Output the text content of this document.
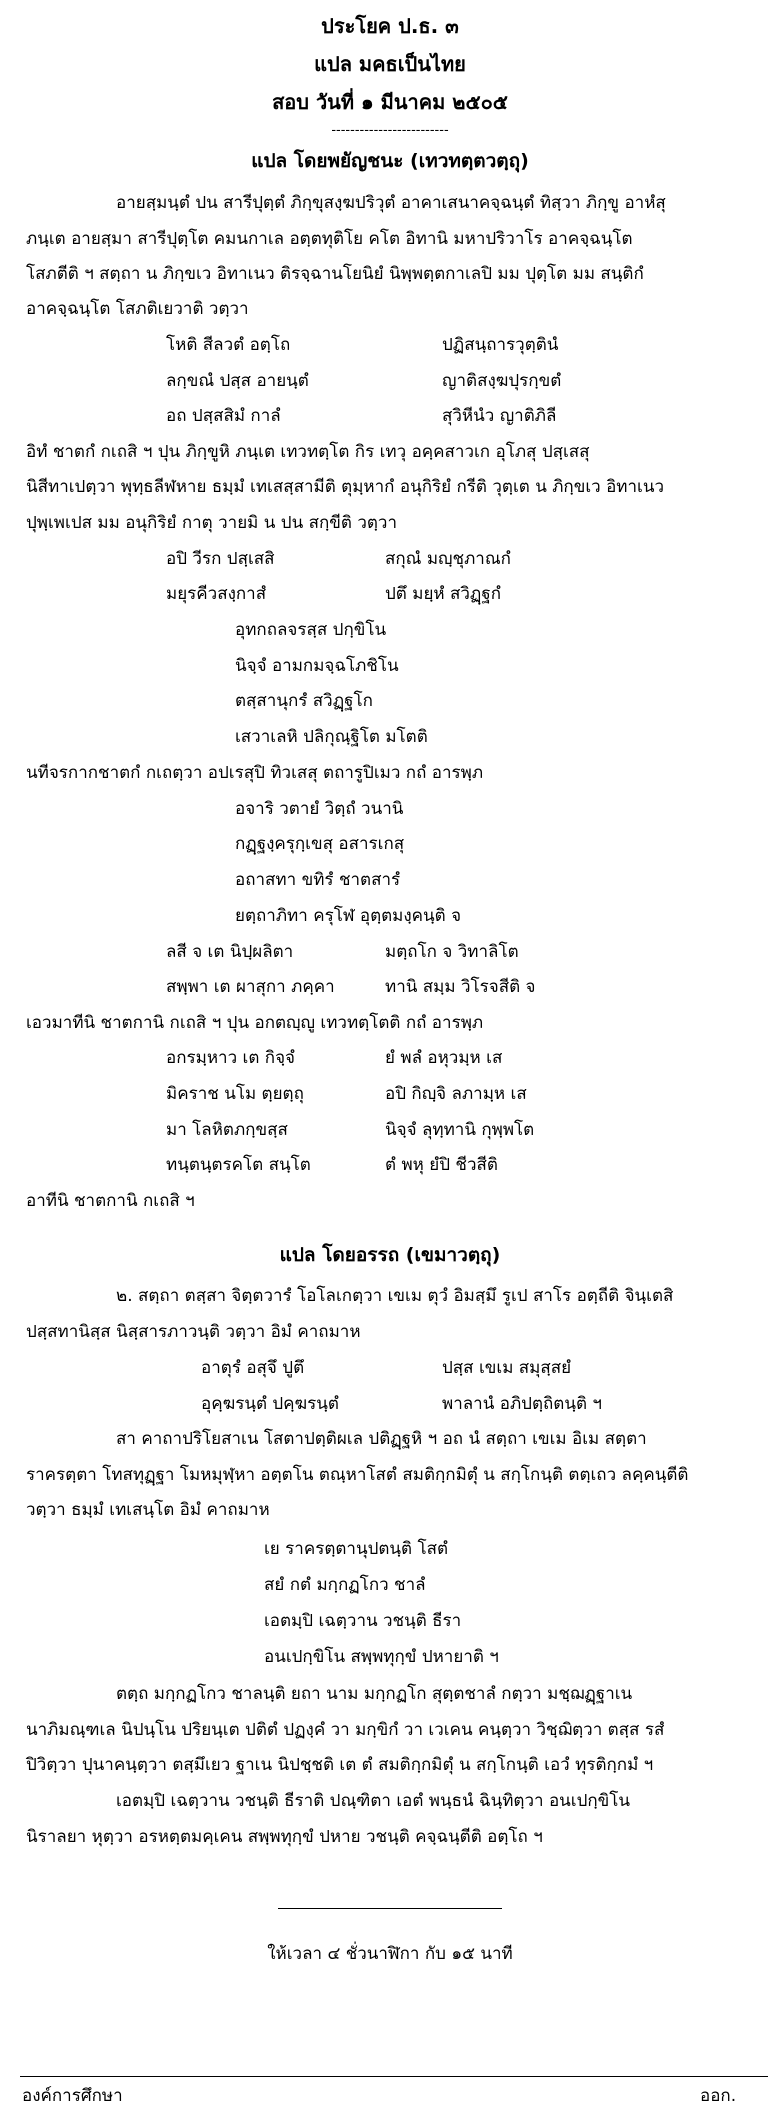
ประโยค ป.ธ. ๓
แปล มคธเป็นไทย
สอบ วันที่ ๑ มีนาคม ๒๕๐๕
-------------------------
แปล โดยพยัญชนะ (เทวทตฺตวตฺถุ)
อายสฺมนฺตํ ปน สารีปุตฺตํ ภิกฺขุสงฺฆปริวุตํ อาคาเสนาคจฺฉนฺตํ ทิสฺวา ภิกฺขู อาหํสุ
ภนฺเต อายสฺมา สารีปุตฺโต คมนกาเล อตฺตทุติโย คโต อิทานิ มหาปริวาโร อาคจฺฉนฺโต
โสภตีติ ฯ สตฺถา น ภิกฺขเว อิทาเนว ติรจฺฉานโยนิยํ นิพฺพตฺตกาเลปิ มม ปุตฺโต มม สนฺติกํ
อาคจฺฉนฺโต โสภติเยวาติ วตฺวา
โหติ สีลวตํ อตฺโถ	ปฏิสนฺถารวุตฺตินํ
ลกฺขณํ ปสฺส อายนฺตํ	ญาติสงฺฆปุรกฺขตํ
อถ ปสฺสสิมํ กาลํ	สุวิหีนํว ญาติภิลี
อิทํ ชาตกํ กเถสิ ฯ ปุน ภิกฺขูหิ ภนฺเต เทวทตฺโต กิร เทวุ อคฺคสาวเก อุโภสุ ปสฺเสสุ
นิสีทาเปตฺวา พุทฺธลีฬหาย ธมฺมํ เทเสสฺสามีติ ตุมฺหากํ อนุกิริยํ กรีติ วุตฺเต น ภิกฺขเว อิทาเนว
ปุพฺเพเปส มม อนุกิริยํ กาตุ วายมิ น ปน สกฺขีติ วตฺวา
อปิ วีรก ปสฺเสสิ	สกุณํ มญฺชุภาณกํ
มยุรคีวสงฺกาสํ	ปตึ มยฺหํ สวิฏฺฐกํ
อุทกถลจรสฺส ปกฺขิโน
นิจฺจํ อามกมจฺฉโภชิโน
ตสฺสานุกรํ สวิฏฺฐโก
เสวาเลหิ ปลิกุณฺฐิโต มโตติ
นทีจรกากชาตกํ กเถตฺวา อปเรสุปิ ทิวเสสุ ตถารูปิเมว กถํ อารพฺภ
อจาริ วตายํ วิตฺถํ วนานิ
กฏฺฐงฺครุกฺเขสุ อสารเกสุ
อถาสทา ขทิรํ ชาตสารํ
ยตฺถาภิทา ครุโฬ อุตฺตมงฺคนฺติ จ
ลสี จ เต นิปฺผลิตา	มตฺถโก จ วิทาลิโต
สพฺพา เต ผาสุกา ภคฺคา	ทานิ สมฺม วิโรจสีติ จ
เอวมาทีนิ ชาตกานิ กเถสิ ฯ ปุน อกตญฺญู เทวทตฺโตติ กถํ อารพฺภ
อกรมฺหาว เต กิจฺจํ	ยํ พลํ อหุวมฺห เส
มิคราช นโม ตฺยตฺถุ	อปิ กิญฺจิ ลภามฺห เส
มา โลหิตภกฺขสฺส	นิจฺจํ ลุทฺทานิ กุพฺพโต
ทนฺตนฺตรคโต สนฺโต	ตํ พหุ ยํปิ ชีวสีติ
อาทีนิ ชาตกานิ กเถสิ ฯ
แปล โดยอรรถ (เขมาวตฺถุ)
๒. สตฺถา ตสฺสา จิตฺตวารํ โอโลเกตฺวา เขเม ตุวํ อิมสฺมึ รูเป สาโร อตฺถีติ จินฺเตสิ
ปสฺสทานิสฺส นิสฺสารภาวนฺติ วตฺวา อิมํ คาถมาห
อาตุรํ อสุจึ ปูตึ	ปสฺส เขเม สมุสฺสยํ
อุคฺฆรนฺตํ ปคฺฆรนฺตํ	พาลานํ อภิปตฺถิตนฺติ ฯ
สา คาถาปริโยสาเน โสตาปตฺติผเล ปติฏฺฐหิ ฯ อถ นํ สตฺถา เขเม อิเม สตฺตา
ราครตฺตา โทสทุฏฺฐา โมหมุฬฺหา อตฺตโน ตณฺหาโสตํ สมติกฺกมิตุํ น สกฺโกนฺติ ตตฺเถว ลคฺคนฺตีติ
วตฺวา ธมฺมํ เทเสนฺโต อิมํ คาถมาห
เย ราครตฺตานุปตนฺติ โสตํ
สยํ กตํ มกฺกฏโกว ชาลํ
เอตมฺปิ เฉตฺวาน วชนฺติ ธีรา
อนเปกฺขิโน สพฺพทุกฺขํ ปหายาติ ฯ
ตตฺถ มกฺกฏโกว ชาลนฺติ ยถา นาม มกฺกฏโก สุตฺตชาลํ กตฺวา มชฺฌฏฺฐาเน
นาภิมณฺฑเล นิปนฺโน ปริยนฺเต ปติตํ ปฏงฺคํ วา มกฺขิกํ วา เวเคน คนฺตฺวา วิชฺฌิตฺวา ตสฺส รสํ
ปิวิตฺวา ปุนาคนฺตฺวา ตสฺมึเยว ฐาเน นิปชฺชติ เต ตํ สมติกฺกมิตุํ น สกฺโกนฺติ เอวํ ทุรติกฺกมํ ฯ
เอตมฺปิ เฉตฺวาน วชนฺติ ธีราติ ปณฺฑิตา เอตํ พนฺธนํ ฉินฺทิตฺวา อนเปกฺขิโน
นิราลยา หุตฺวา อรหตฺตมคฺเคน สพฺพทุกฺขํ ปหาย วชนฺติ คจฺฉนฺตีติ อตฺโถ ฯ
ให้เวลา ๔ ชั่วนาฬิกา กับ ๑๕ นาที
องค์การศึกษา	ออก.
